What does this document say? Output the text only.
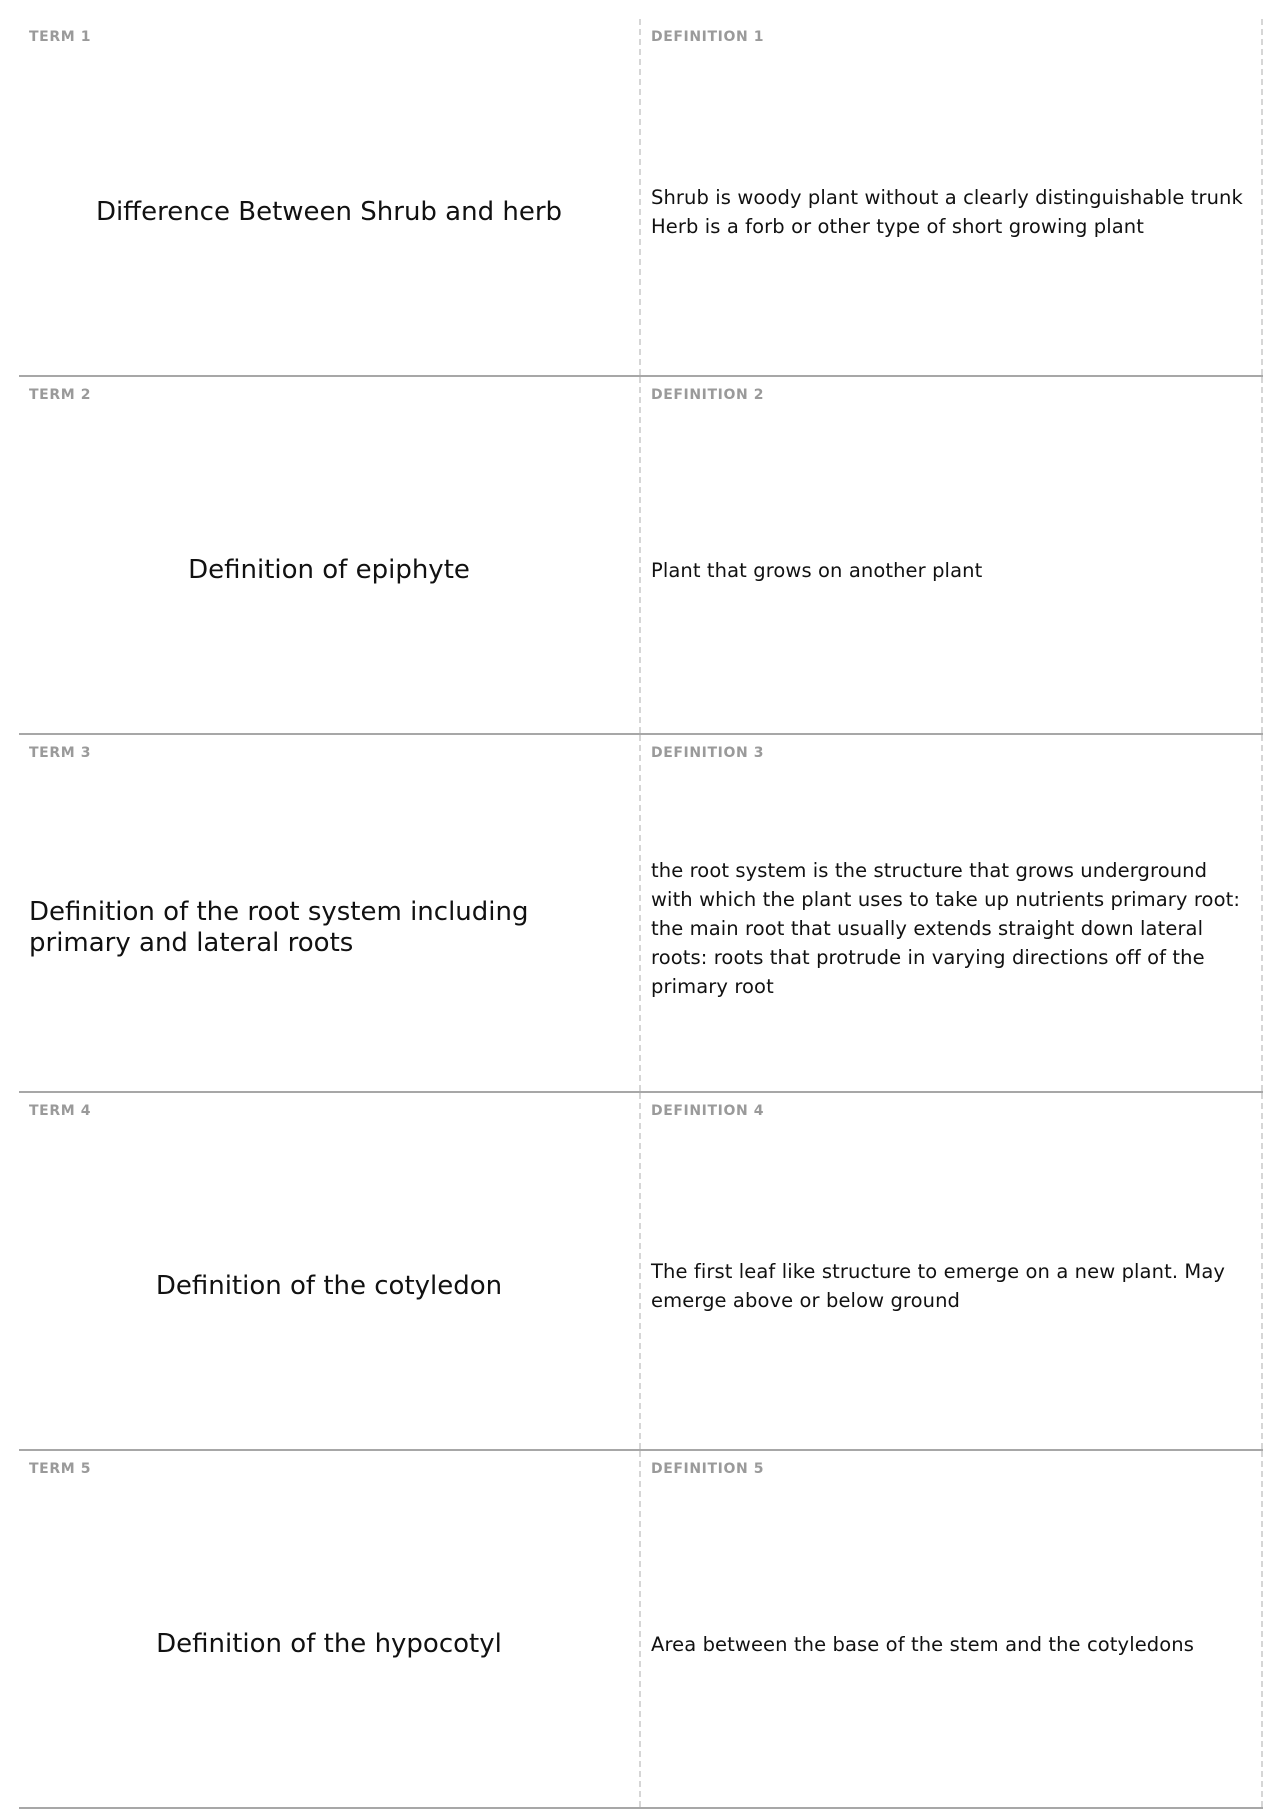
TERM 1
Difference Between Shrub and herb
DEFINITION 1
Shrub is woody plant without a clearly distinguishable trunk Herb is a forb or other type of short growing plant
TERM 2
Definition of epiphyte
DEFINITION 2
Plant that grows on another plant
TERM 3
Definition of the root system including primary and lateral roots
DEFINITION 3
the root system is the structure that grows underground with which the plant uses to take up nutrients primary root: the main root that usually extends straight down lateral roots: roots that protrude in varying directions off of the primary root
TERM 4
Definition of the cotyledon
DEFINITION 4
The first leaf like structure to emerge on a new plant. May emerge above or below ground
TERM 5
Definition of the hypocotyl
DEFINITION 5
Area between the base of the stem and the cotyledons
